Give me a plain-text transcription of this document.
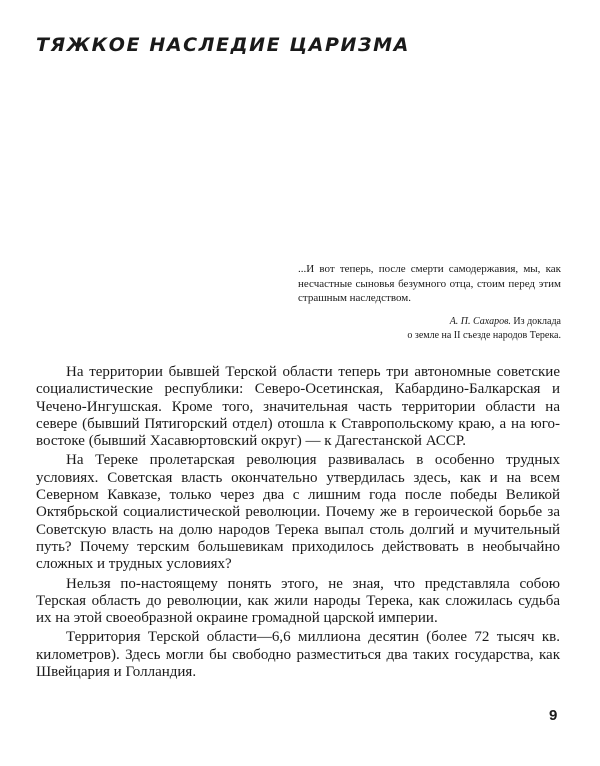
ТЯЖКОЕ НАСЛЕДИЕ ЦАРИЗМА

...И вот теперь, после смерти самодержавия, мы, как несчастные сыновья безумного отца, стоим перед этим страшным наследством.

А. П. Сахаров. Из доклада
о земле на II съезде народов Терека.

На территории бывшей Терской области теперь три автономные советские социалистические республики: Северо-Осетинская, Кабардино-Балкарская и Чечено-Ингушская. Кроме того, значительная часть территории области на севере (бывший Пятигорский отдел) отошла к Ставропольскому краю, а на юго-востоке (бывший Хасавюртовский округ) — к Дагестанской АССР.

На Тереке пролетарская революция развивалась в особенно трудных условиях. Советская власть окончательно утвердилась здесь, как и на всем Северном Кавказе, только через два с лишним года после победы Великой Октябрьской социалистической революции. Почему же в героической борьбе за Советскую власть на долю народов Терека выпал столь долгий и мучительный путь? Почему терским большевикам приходилось действовать в необычайно сложных и трудных условиях?

Нельзя по-настоящему понять этого, не зная, что представляла собою Терская область до революции, как жили народы Терека, как сложилась судьба их на этой своеобразной окраине громадной царской империи.

Территория Терской области—6,6 миллиона десятин (более 72 тысяч кв. километров). Здесь могли бы свободно разместиться два таких государства, как Швейцария и Голландия.

9
